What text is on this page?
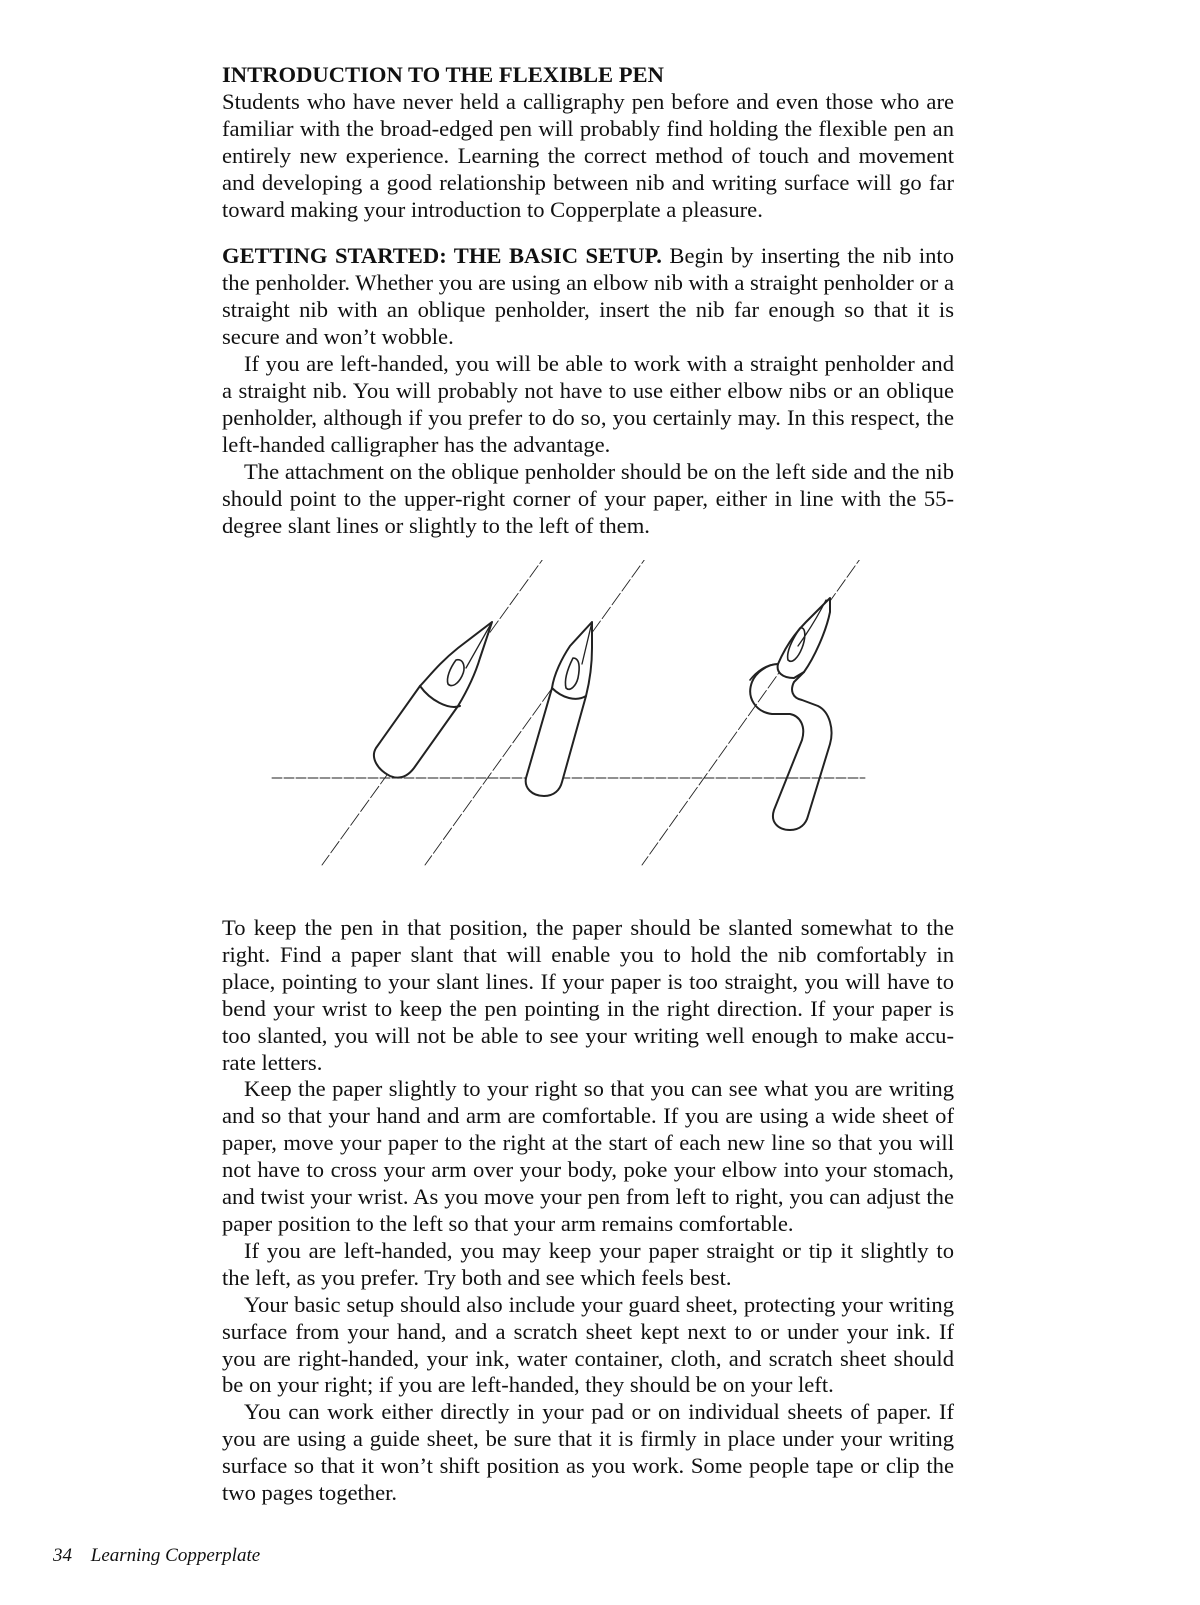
INTRODUCTION TO THE FLEXIBLE PEN

Students who have never held a calligraphy pen before and even those who are familiar with the broad-edged pen will probably find holding the flexible pen an entirely new experience. Learning the correct method of touch and movement and developing a good relationship between nib and writing surface will go far toward making your introduction to Copperplate a pleasure.

GETTING STARTED: THE BASIC SETUP. Begin by inserting the nib into the penholder. Whether you are using an elbow nib with a straight penholder or a straight nib with an oblique penholder, insert the nib far enough so that it is secure and won’t wobble.

If you are left-handed, you will be able to work with a straight penholder and a straight nib. You will probably not have to use either elbow nibs or an oblique penholder, although if you prefer to do so, you certainly may. In this respect, the left-handed calligrapher has the advantage.

The attachment on the oblique penholder should be on the left side and the nib should point to the upper-right corner of your paper, either in line with the 55-degree slant lines or slightly to the left of them.

To keep the pen in that position, the paper should be slanted somewhat to the right. Find a paper slant that will enable you to hold the nib comfortably in place, pointing to your slant lines. If your paper is too straight, you will have to bend your wrist to keep the pen pointing in the right direction. If your paper is too slanted, you will not be able to see your writing well enough to make accurate letters.

Keep the paper slightly to your right so that you can see what you are writing and so that your hand and arm are comfortable. If you are using a wide sheet of paper, move your paper to the right at the start of each new line so that you will not have to cross your arm over your body, poke your elbow into your stomach, and twist your wrist. As you move your pen from left to right, you can adjust the paper position to the left so that your arm remains comfortable.

If you are left-handed, you may keep your paper straight or tip it slightly to the left, as you prefer. Try both and see which feels best.

Your basic setup should also include your guard sheet, protecting your writing surface from your hand, and a scratch sheet kept next to or under your ink. If you are right-handed, your ink, water container, cloth, and scratch sheet should be on your right; if you are left-handed, they should be on your left.

You can work either directly in your pad or on individual sheets of paper. If you are using a guide sheet, be sure that it is firmly in place under your writing surface so that it won’t shift position as you work. Some people tape or clip the two pages together.

34 Learning Copperplate
